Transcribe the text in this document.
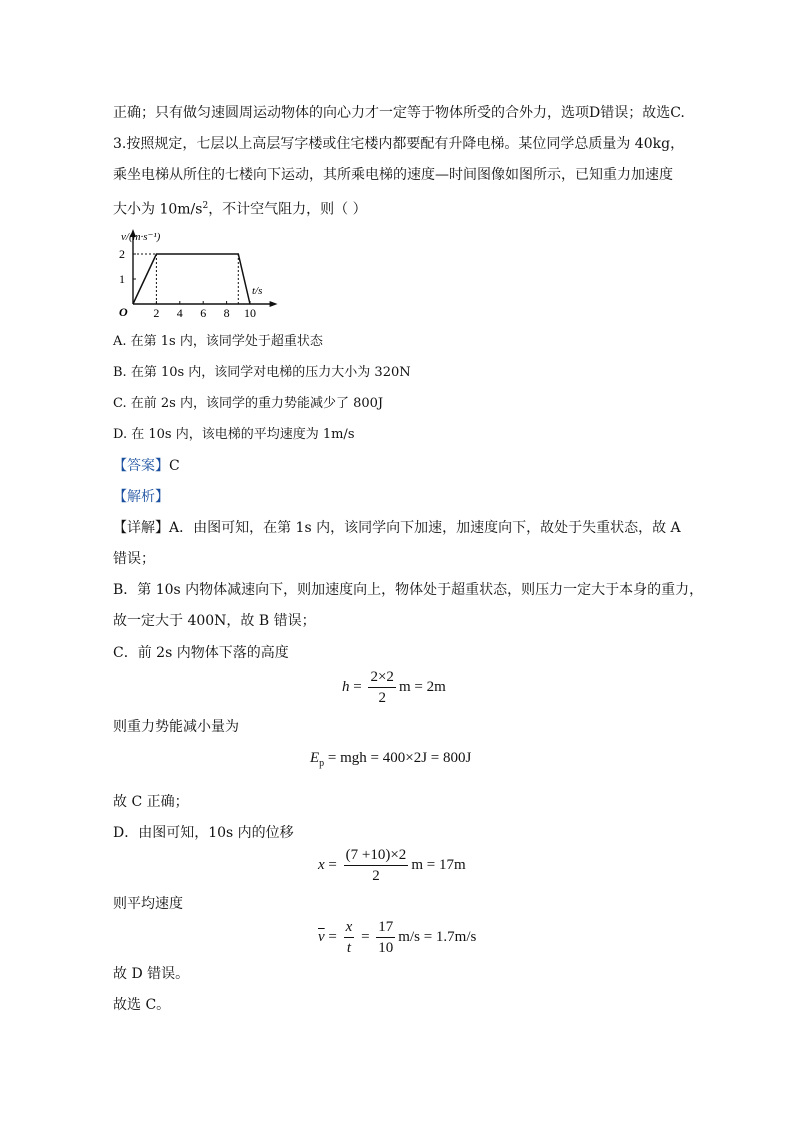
正确；只有做匀速圆周运动物体的向心力才一定等于物体所受的合外力，选项D错误；故选C.
3.按照规定，七层以上高层写字楼或住宅楼内都要配有升降电梯。某位同学总质量为 40kg，
乘坐电梯从所住的七楼向下运动，其所乘电梯的速度—时间图像如图所示，已知重力加速度
大小为 $10m/s^2$，不计空气阻力，则（ ）
2 4 6 8 10
1
2
v/(m·s⁻¹)
t/s
O
A. 在第 1s 内，该同学处于超重状态
B. 在第 10s 内，该同学对电梯的压力大小为 320N
C. 在前 2s 内，该同学的重力势能减少了 800J
D. 在 10s 内，该电梯的平均速度为 1m/s
【答案】C
【解析】
【详解】A．由图可知，在第 1s 内，该同学向下加速，加速度向下，故处于失重状态，故 A
错误；
B．第 10s 内物体减速向下，则加速度向上，物体处于超重状态，则压力一定大于本身的重力，
故一定大于 400N，故 B 错误；
C．前 2s 内物体下落的高度
$h = \frac{2\times 2}{2}$ m = 2m
则重力势能减小量为
$E_p$ = mgh = 400×2J = 800J
故 C 正确；
D．由图可知，10s 内的位移
$x = \frac{(7 +10)\times 2}{2}$ m = 17m
则平均速度
$\overline{v} = \frac{x}{t} = \frac{17}{10} m/s = 1.7m/s$
故 D 错误。
故选 C。
